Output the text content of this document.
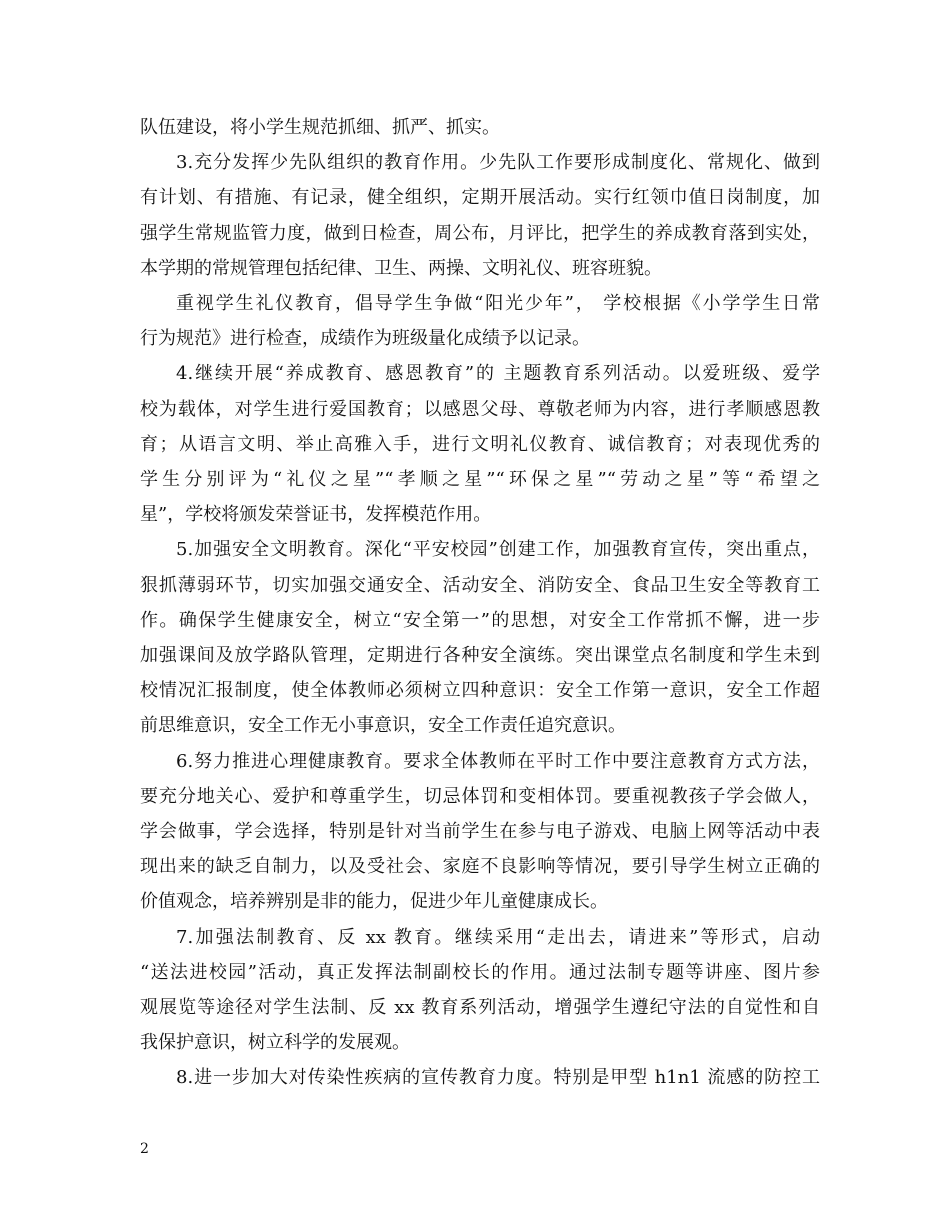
队伍建设，将小学生规范抓细、抓严、抓实。
3.充分发挥少先队组织的教育作用。少先队工作要形成制度化、常规化、做到
有计划、有措施、有记录，健全组织，定期开展活动。实行红领巾值日岗制度，加
强学生常规监管力度，做到日检查，周公布，月评比，把学生的养成教育落到实处，
本学期的常规管理包括纪律、卫生、两操、文明礼仪、班容班貌。
重视学生礼仪教育，倡导学生争做“阳光少年”， 学校根据《小学学生日常
行为规范》进行检查，成绩作为班级量化成绩予以记录。
4.继续开展“养成教育、感恩教育”的 主题教育系列活动。以爱班级、爱学
校为载体，对学生进行爱国教育；以感恩父母、尊敬老师为内容，进行孝顺感恩教
育；从语言文明、举止高雅入手，进行文明礼仪教育、诚信教育；对表现优秀的
学生分别评为“礼仪之星”“孝顺之星”“环保之星”“劳动之星”等“希望之
星”，学校将颁发荣誉证书，发挥模范作用。
5.加强安全文明教育。深化“平安校园”创建工作，加强教育宣传，突出重点，
狠抓薄弱环节，切实加强交通安全、活动安全、消防安全、食品卫生安全等教育工
作。确保学生健康安全，树立“安全第一”的思想，对安全工作常抓不懈，进一步
加强课间及放学路队管理，定期进行各种安全演练。突出课堂点名制度和学生未到
校情况汇报制度，使全体教师必须树立四种意识：安全工作第一意识，安全工作超
前思维意识，安全工作无小事意识，安全工作责任追究意识。
6.努力推进心理健康教育。要求全体教师在平时工作中要注意教育方式方法，
要充分地关心、爱护和尊重学生，切忌体罚和变相体罚。要重视教孩子学会做人，
学会做事，学会选择，特别是针对当前学生在参与电子游戏、电脑上网等活动中表
现出来的缺乏自制力，以及受社会、家庭不良影响等情况，要引导学生树立正确的
价值观念，培养辨别是非的能力，促进少年儿童健康成长。
7.加强法制教育、反 xx 教育。继续采用“走出去，请进来”等形式，启动
“送法进校园”活动，真正发挥法制副校长的作用。通过法制专题等讲座、图片参
观展览等途径对学生法制、反 xx 教育系列活动，增强学生遵纪守法的自觉性和自
我保护意识，树立科学的发展观。
8.进一步加大对传染性疾病的宣传教育力度。特别是甲型 h1n1 流感的防控工
2
